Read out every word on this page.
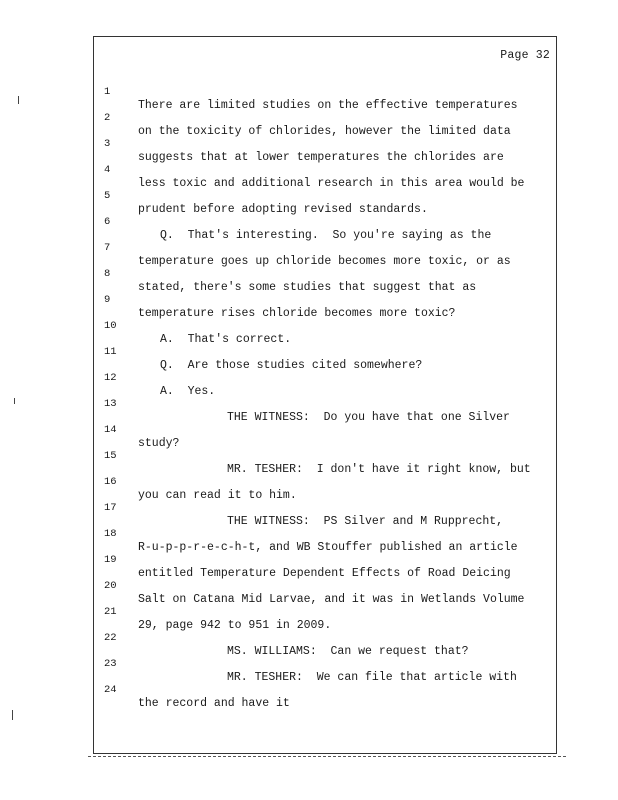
Page 32

1

There are limited studies on the effective temperatures

2

on the toxicity of chlorides, however the limited data

3

suggests that at lower temperatures the chlorides are

4

less toxic and additional research in this area would be

5

prudent before adopting revised standards.

6

Q.  That's interesting.  So you're saying as the

7

temperature goes up chloride becomes more toxic, or as

8

stated, there's some studies that suggest that as

9

temperature rises chloride becomes more toxic?

10

A.  That's correct.

11

Q.  Are those studies cited somewhere?

12

A.  Yes.

13

THE WITNESS:  Do you have that one Silver

14

study?

15

MR. TESHER:  I don't have it right know, but

16

you can read it to him.

17

THE WITNESS:  PS Silver and M Rupprecht,

18

R-u-p-p-r-e-c-h-t, and WB Stouffer published an article

19

entitled Temperature Dependent Effects of Road Deicing

20

Salt on Catana Mid Larvae, and it was in Wetlands Volume

21

29, page 942 to 951 in 2009.

22

MS. WILLIAMS:  Can we request that?

23

MR. TESHER:  We can file that article with

24

the record and have it
